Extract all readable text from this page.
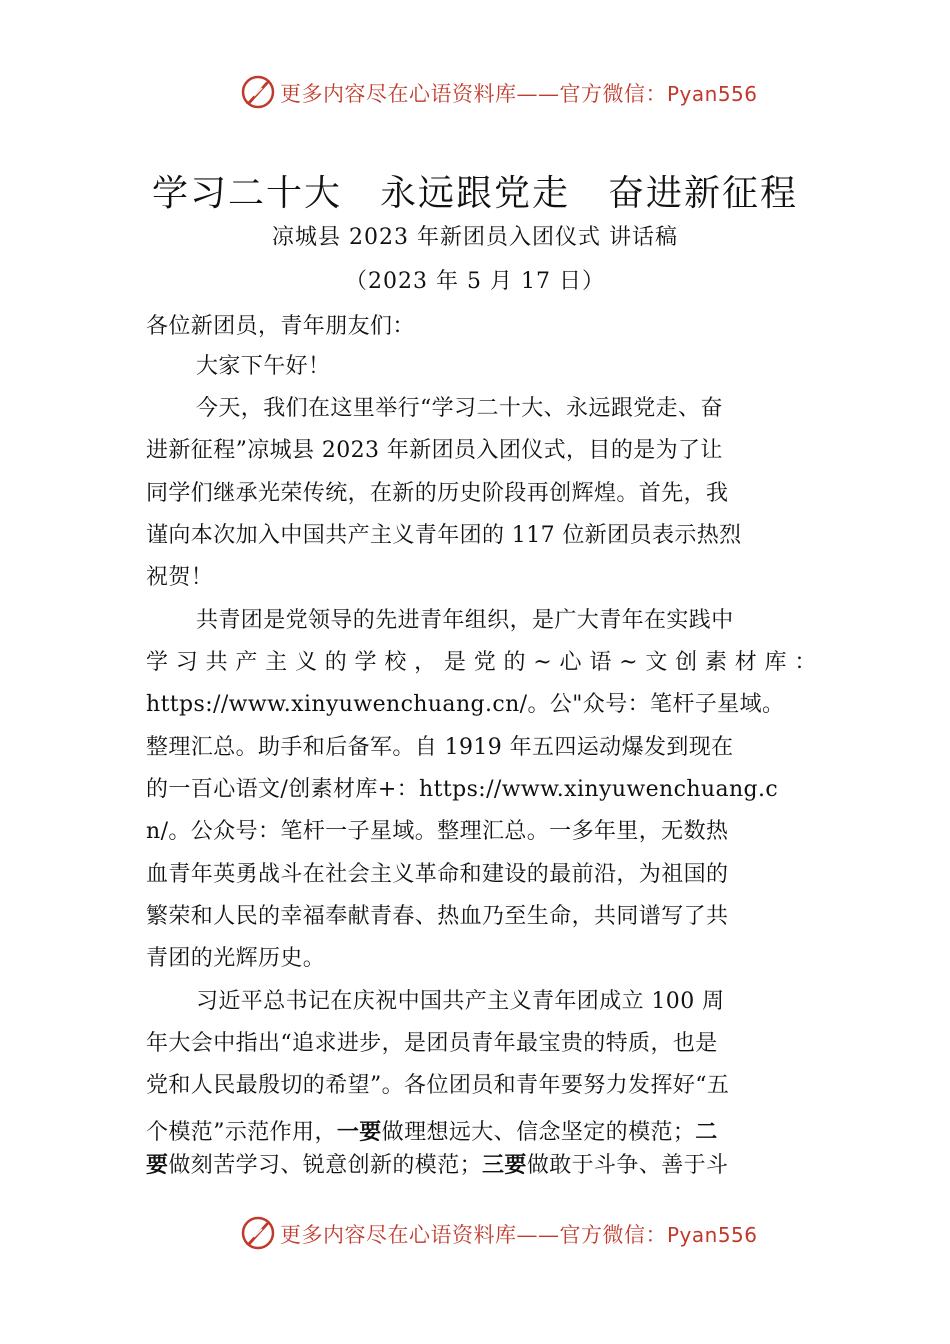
更多内容尽在心语资料库——官方微信：Pyan556
学习二十大　永远跟党走　奋进新征程
凉城县 2023 年新团员入团仪式 讲话稿
（2023 年 5 月 17 日）
各位新团员，青年朋友们：
大家下午好！
今天，我们在这里举行“学习二十大、永远跟党走、奋
进新征程”凉城县 2023 年新团员入团仪式，目的是为了让
同学们继承光荣传统，在新的历史阶段再创辉煌。首先，我
谨向本次加入中国共产主义青年团的 117 位新团员表示热烈
祝贺！
共青团是党领导的先进青年组织，是广大青年在实践中
学 习 共 产 主 义 的 学 校 ， 是 党 的 ~ 心 语 ~ 文 创 素 材 库 ：
https://www.xinyuwenchuang.cn/。公"众号：笔杆子星域。
整理汇总。助手和后备军。自 1919 年五四运动爆发到现在
的一百心语文/创素材库+：https://www.xinyuwenchuang.c
n/。公众号：笔杆一子星域。整理汇总。一多年里，无数热
血青年英勇战斗在社会主义革命和建设的最前沿，为祖国的
繁荣和人民的幸福奉献青春、热血乃至生命，共同谱写了共
青团的光辉历史。
习近平总书记在庆祝中国共产主义青年团成立 100 周
年大会中指出“追求进步，是团员青年最宝贵的特质，也是
党和人民最殷切的希望”。各位团员和青年要努力发挥好“五
个模范”示范作用，一要做理想远大、信念坚定的模范；二
要做刻苦学习、锐意创新的模范；三要做敢于斗争、善于斗
更多内容尽在心语资料库——官方微信：Pyan556
